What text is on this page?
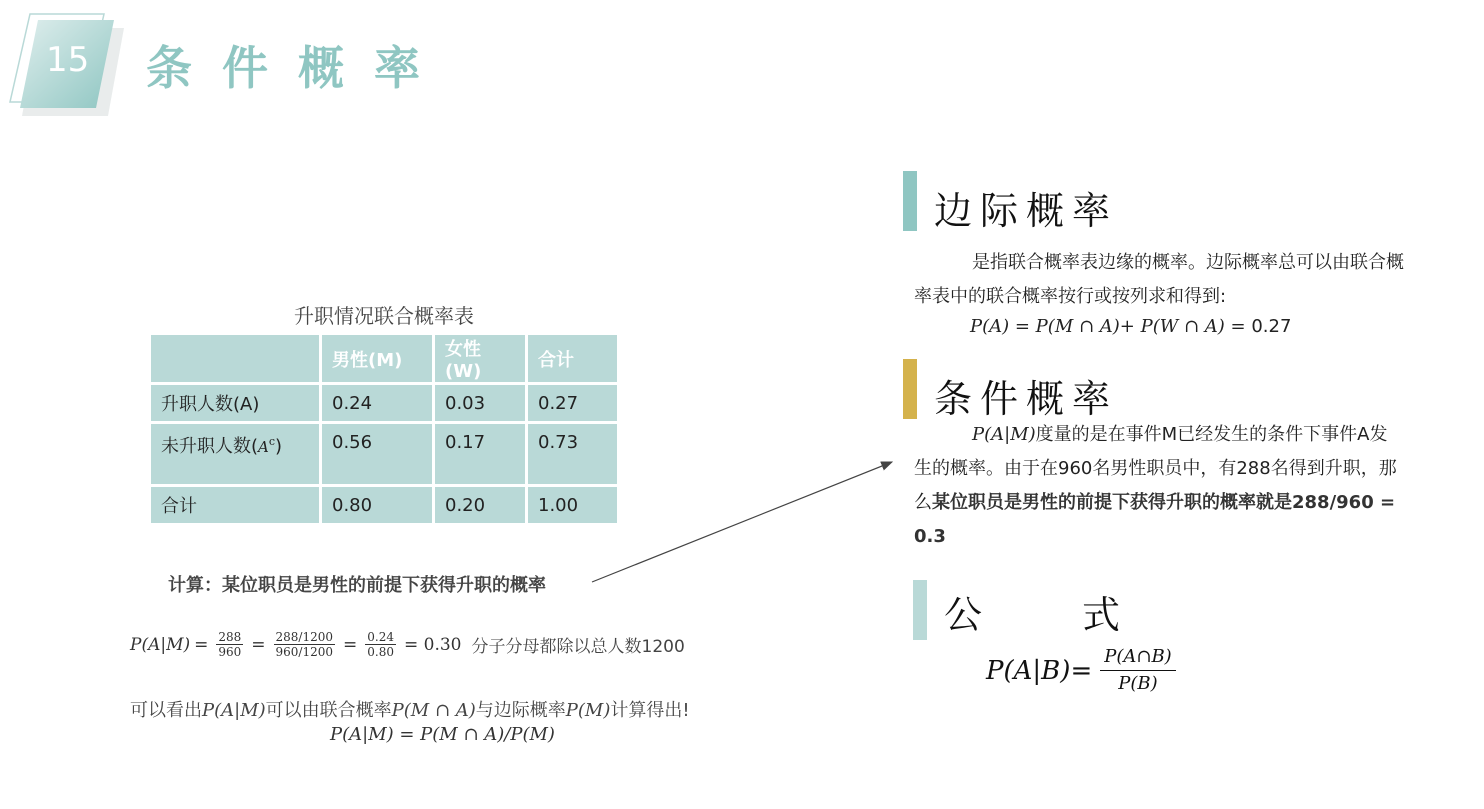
15 条件概率
升职情况联合概率表
	男性(M)	女性(W)	合计
升职人数(A)	0.24	0.03	0.27
未升职人数$(A^c)$	0.56	0.17	0.73
合计	0.80	0.20	1.00
计算：某位职员是男性的前提下获得升职的概率
$P(A|M) = \frac{288}{960} = \frac{288/1200}{960/1200} = \frac{0.24}{0.80} = 0.30$ 分子分母都除以总人数1200
可以看出P(A|M)可以由联合概率P(M ∩ A)与边际概率P(M)计算得出!
P(A|M) = P(M ∩ A)/P(M)
边际概率
是指联合概率表边缘的概率。边际概率总可以由联合概率表中的联合概率按行或按列求和得到:
P(A) = P(M ∩ A)+ P(W ∩ A) = 0.27
条件概率
P(A|M)度量的是在事件M已经发生的条件下事件A发生的概率。由于在960名男性职员中，有288名得到升职，那么某位职员是男性的前提下获得升职的概率就是288/960 = 0.3
公	式
$P(A|B) = \frac{P(A\cap B)}{P(B)}$
